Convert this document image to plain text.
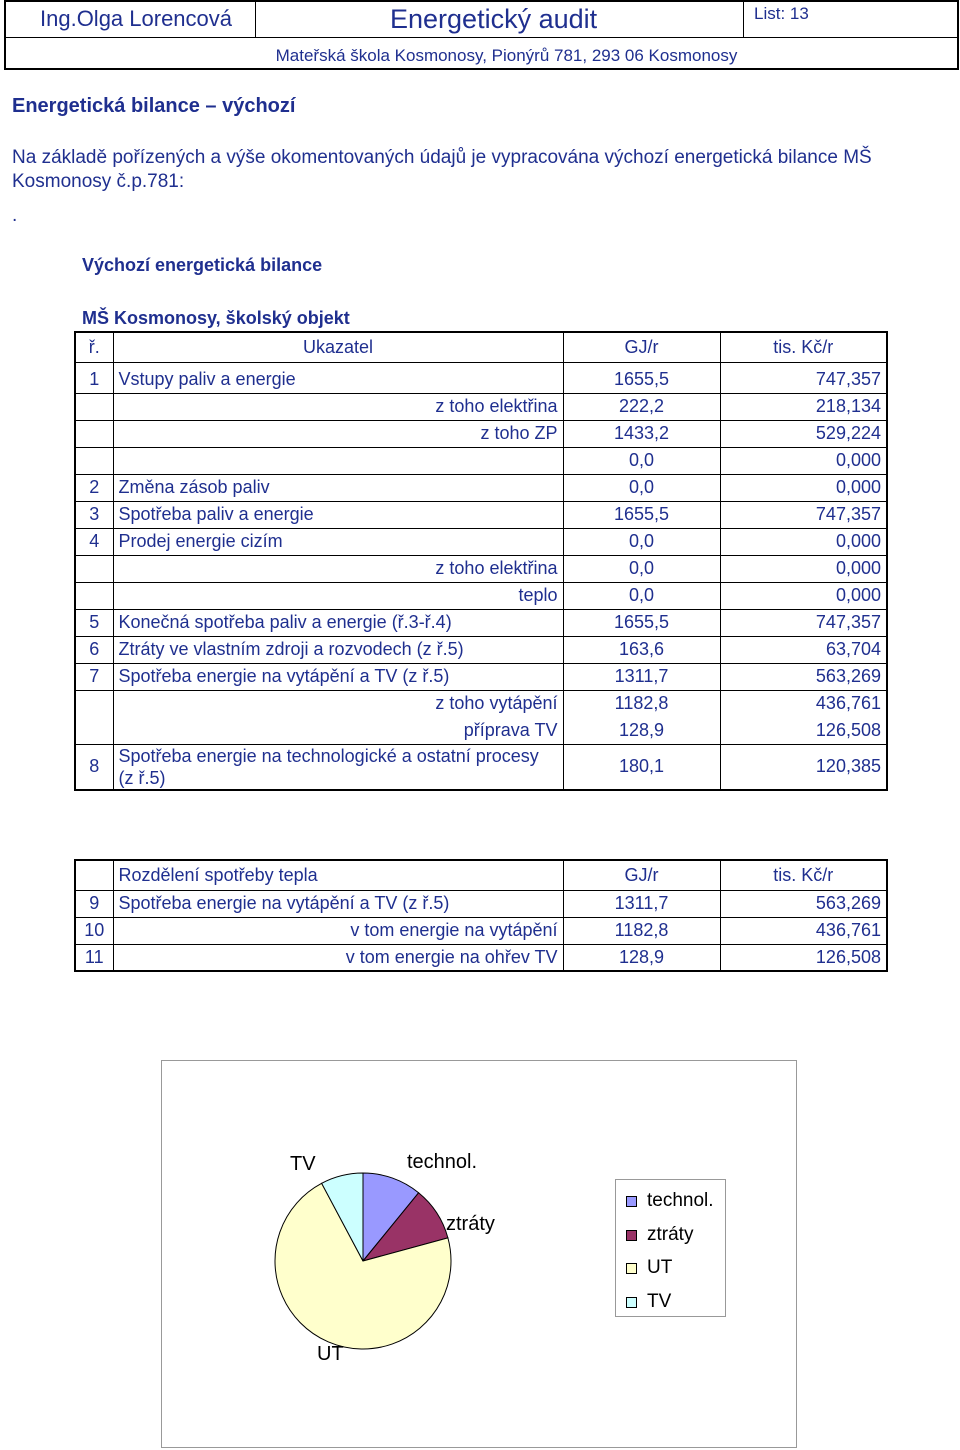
Ing.Olga Lorencová	Energetický audit	List: 13
Mateřská škola Kosmonosy, Pionýrů 781, 293 06 Kosmonosy
Energetická bilance – výchozí
Na základě pořízených a výše okomentovaných údajů je vypracována výchozí energetická bilance MŠ Kosmonosy č.p.781:
.
Výchozí energetická bilance
MŠ Kosmonosy, školský objekt
ř.	Ukazatel	GJ/r	tis. Kč/r

1	Vstupy paliv a energie	1655,5	747,357
	z toho elektřina	222,2	218,134
	z toho ZP	1433,2	529,224
		0,0	0,000
2	Změna zásob paliv	0,0	0,000
3	Spotřeba paliv a energie	1655,5	747,357
4	Prodej energie cizím	0,0	0,000
	z toho elektřina	0,0	0,000
	teplo	0,0	0,000
5	Konečná spotřeba paliv a energie (ř.3-ř.4)	1655,5	747,357
6	Ztráty ve vlastním zdroji a rozvodech (z ř.5)	163,6	63,704
7	Spotřeba energie na vytápění a TV (z ř.5)	1311,7	563,269
	z toho vytápění	1182,8	436,761
	příprava TV	128,9	126,508
8	Spotřeba energie na technologické a ostatní procesy (z ř.5)	180,1	120,385
	Rozdělení spotřeby tepla	GJ/r	tis. Kč/r
9	Spotřeba energie na vytápění a TV (z ř.5)	1311,7	563,269
10	v tom energie na vytápění	1182,8	436,761
11	v tom energie na ohřev TV	128,9	126,508
TV	technol.
ztráty
UT
technol.
ztráty
UT
TV
